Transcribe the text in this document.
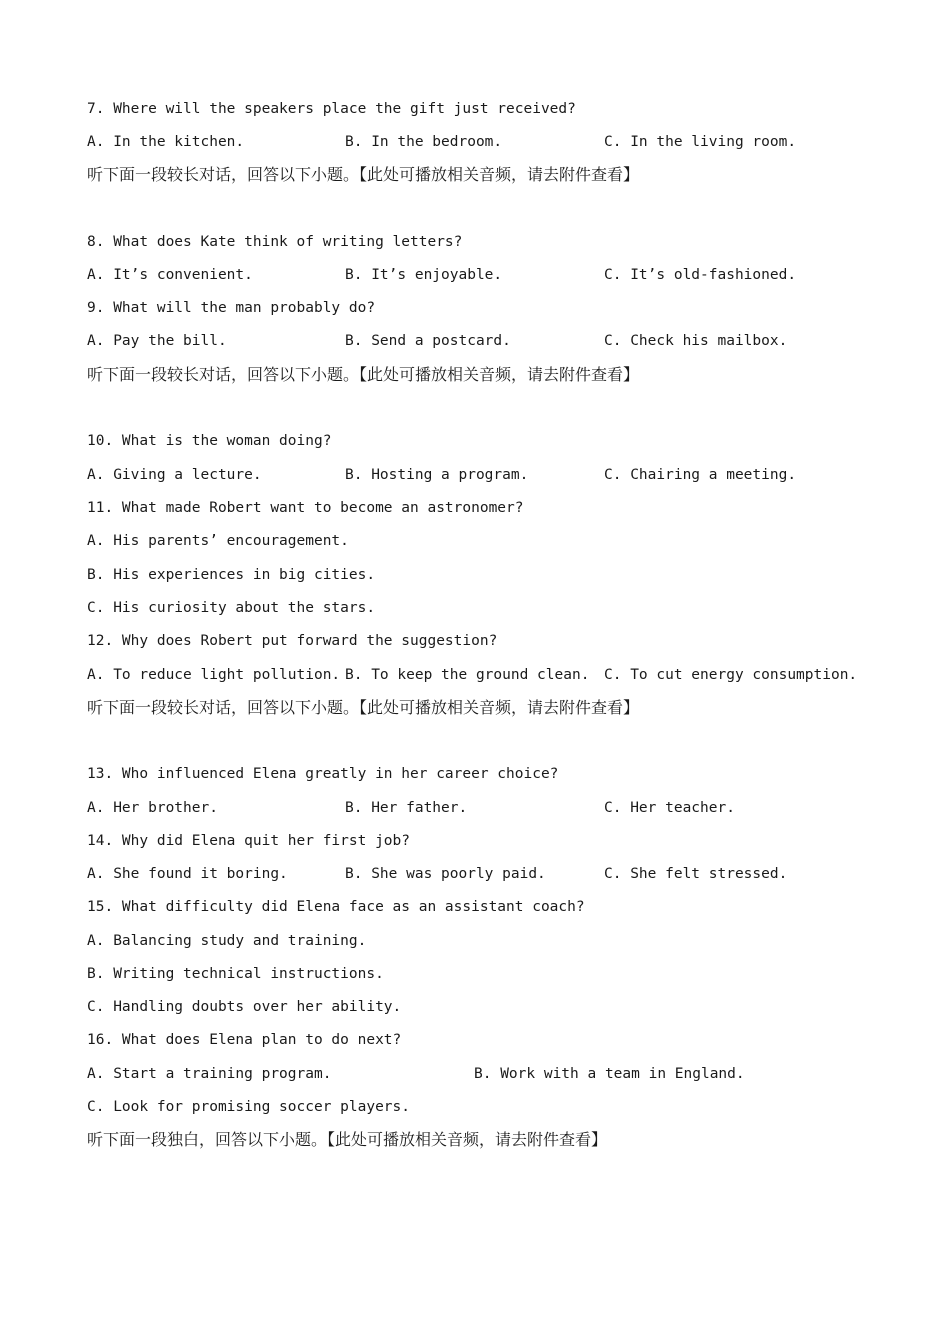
7. Where will the speakers place the gift just received?
A. In the kitchen.	B. In the bedroom.	C. In the living room.
听下面一段较长对话，回答以下小题。【此处可播放相关音频，请去附件查看】
8. What does Kate think of writing letters?
A. It’s convenient.	B. It’s enjoyable.	C. It’s old-fashioned.
9. What will the man probably do?
A. Pay the bill.	B. Send a postcard.	C. Check his mailbox.
听下面一段较长对话，回答以下小题。【此处可播放相关音频，请去附件查看】
10. What is the woman doing?
A. Giving a lecture.	B. Hosting a program.	C. Chairing a meeting.
11. What made Robert want to become an astronomer?
A. His parents’ encouragement.
B. His experiences in big cities.
C. His curiosity about the stars.
12. Why does Robert put forward the suggestion?
A. To reduce light pollution. B. To keep the ground clean. C. To cut energy consumption.
听下面一段较长对话，回答以下小题。【此处可播放相关音频，请去附件查看】
13. Who influenced Elena greatly in her career choice?
A. Her brother.	B. Her father.	C. Her teacher.
14. Why did Elena quit her first job?
A. She found it boring.	B. She was poorly paid.	C. She felt stressed.
15. What difficulty did Elena face as an assistant coach?
A. Balancing study and training.
B. Writing technical instructions.
C. Handling doubts over her ability.
16. What does Elena plan to do next?
A. Start a training program.	B. Work with a team in England.
C. Look for promising soccer players.
听下面一段独白，回答以下小题。【此处可播放相关音频，请去附件查看】
